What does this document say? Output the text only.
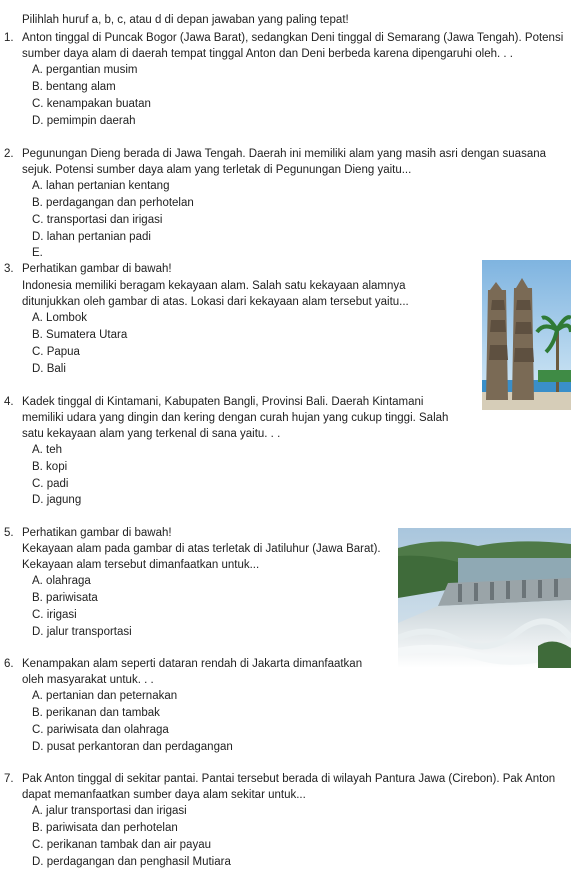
Pilihlah huruf a, b, c, atau d di depan jawaban yang paling tepat!
1. Anton tinggal di Puncak Bogor (Jawa Barat), sedangkan Deni tinggal di Semarang (Jawa Tengah). Potensi
sumber daya alam di daerah tempat tinggal Anton dan Deni berbeda karena dipengaruhi oleh. . .
A. pergantian musim
B. bentang alam
C. kenampakan buatan
D. pemimpin daerah
2. Pegunungan Dieng berada di Jawa Tengah. Daerah ini memiliki alam yang masih asri dengan suasana
sejuk. Potensi sumber daya alam yang terletak di Pegunungan Dieng yaitu...
A. lahan pertanian kentang
B. perdagangan dan perhotelan
C. transportasi dan irigasi
D. lahan pertanian padi
E.
3. Perhatikan gambar di bawah!
Indonesia memiliki beragam kekayaan alam. Salah satu kekayaan alamnya
ditunjukkan oleh gambar di atas. Lokasi dari kekayaan alam tersebut yaitu...
A. Lombok
B. Sumatera Utara
C. Papua
D. Bali
4. Kadek tinggal di Kintamani, Kabupaten Bangli, Provinsi Bali. Daerah Kintamani
memiliki udara yang dingin dan kering dengan curah hujan yang cukup tinggi. Salah
satu kekayaan alam yang terkenal di sana yaitu. . .
A. teh
B. kopi
C. padi
D. jagung
5. Perhatikan gambar di bawah!
Kekayaan alam pada gambar di atas terletak di Jatiluhur (Jawa Barat).
Kekayaan alam tersebut dimanfaatkan untuk...
A. olahraga
B. pariwisata
C. irigasi
D. jalur transportasi
6. Kenampakan alam seperti dataran rendah di Jakarta dimanfaatkan
oleh masyarakat untuk. . .
A. pertanian dan peternakan
B. perikanan dan tambak
C. pariwisata dan olahraga
D. pusat perkantoran dan perdagangan
7. Pak Anton tinggal di sekitar pantai. Pantai tersebut berada di wilayah Pantura Jawa (Cirebon). Pak Anton
dapat memanfaatkan sumber daya alam sekitar untuk...
A. jalur transportasi dan irigasi
B. pariwisata dan perhotelan
C. perikanan tambak dan air payau
D. perdagangan dan penghasil Mutiara
